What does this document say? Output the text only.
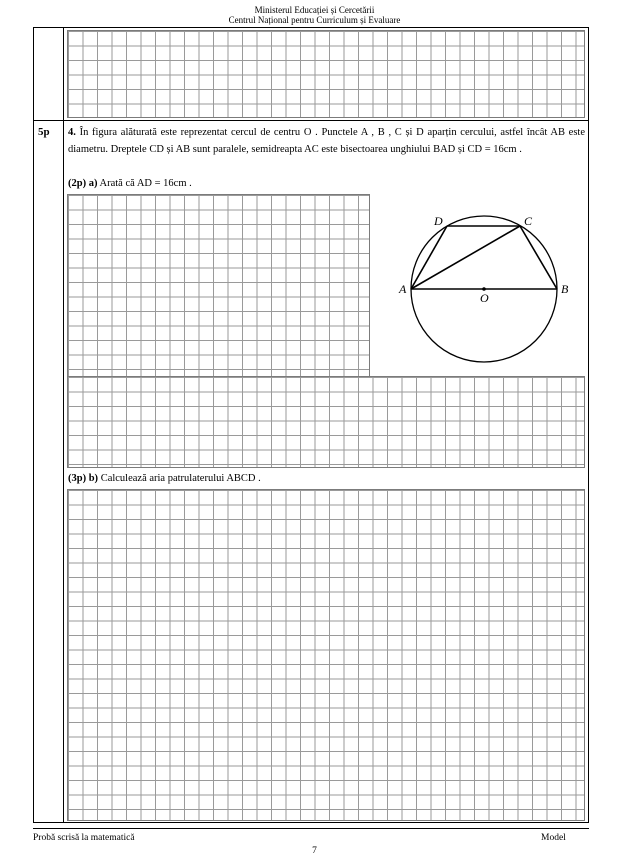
Ministerul Educației și Cercetării
Centrul Național pentru Curriculum și Evaluare
5p 4. În figura alăturată este reprezentat cercul de centru O . Punctele A , B , C și D aparțin cercului, astfel încât AB este diametru. Dreptele CD și AB sunt paralele, semidreapta AC este bisectoarea unghiului BAD și CD = 16cm .
(2p) a) Arată că AD = 16cm .
A	B
C
D
O
(3p) b) Calculează aria patrulaterului ABCD .
Probă scrisă la matematică	Model
7
